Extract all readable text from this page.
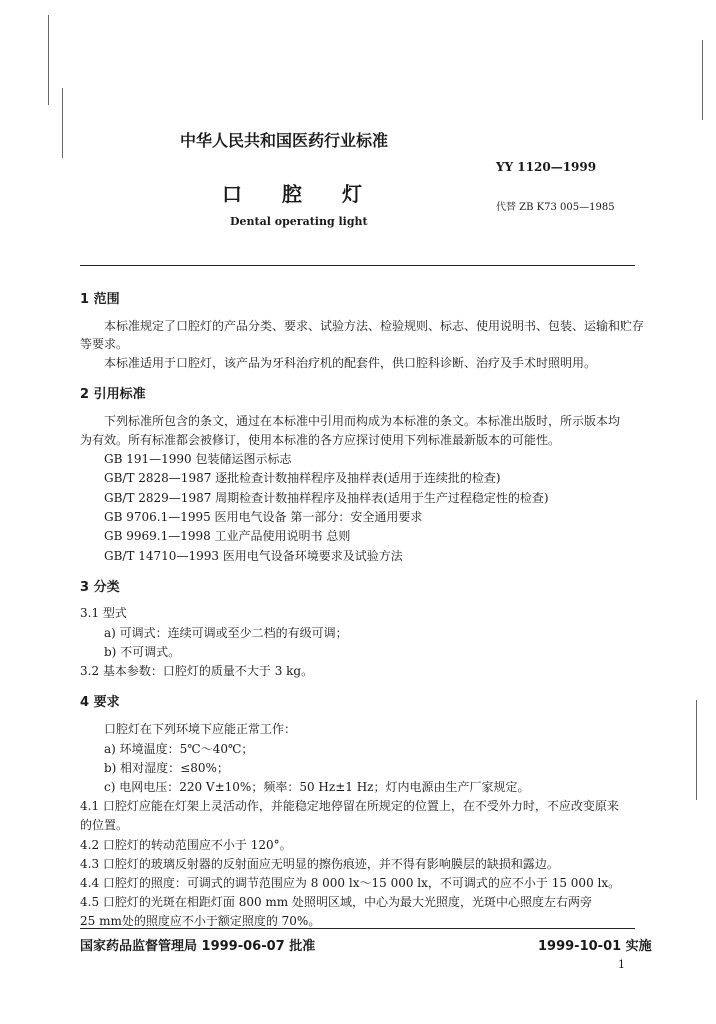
中华人民共和国医药行业标准
YY 1120—1999
口腔灯
代替 ZB K73 005—1985
Dental operating light
1 范围
本标准规定了口腔灯的产品分类、要求、试验方法、检验规则、标志、使用说明书、包装、运输和贮存
等要求。
本标准适用于口腔灯，该产品为牙科治疗机的配套件，供口腔科诊断、治疗及手术时照明用。
2 引用标准
下列标准所包含的条文，通过在本标准中引用而构成为本标准的条文。本标准出版时，所示版本均
为有效。所有标准都会被修订，使用本标准的各方应探讨使用下列标准最新版本的可能性。
GB 191—1990 包装储运图示标志
GB/T 2828—1987 逐批检查计数抽样程序及抽样表(适用于连续批的检查)
GB/T 2829—1987 周期检查计数抽样程序及抽样表(适用于生产过程稳定性的检查)
GB 9706.1—1995 医用电气设备 第一部分：安全通用要求
GB 9969.1—1998 工业产品使用说明书 总则
GB/T 14710—1993 医用电气设备环境要求及试验方法
3 分类
3.1 型式
a) 可调式：连续可调或至少二档的有级可调；
b) 不可调式。
3.2 基本参数：口腔灯的质量不大于 3 kg。
4 要求
口腔灯在下列环境下应能正常工作：
a) 环境温度：5℃～40℃；
b) 相对湿度：≤80%；
c) 电网电压：220 V±10%；频率：50 Hz±1 Hz；灯内电源由生产厂家规定。
4.1 口腔灯应能在灯架上灵活动作，并能稳定地停留在所规定的位置上，在不受外力时，不应改变原来
的位置。
4.2 口腔灯的转动范围应不小于 120°。
4.3 口腔灯的玻璃反射器的反射面应无明显的擦伤痕迹，并不得有影响膜层的缺损和露边。
4.4 口腔灯的照度：可调式的调节范围应为 8 000 lx～15 000 lx，不可调式的应不小于 15 000 lx。
4.5 口腔灯的光斑在相距灯面 800 mm 处照明区域，中心为最大光照度，光斑中心照度左右两旁
25 mm处的照度应不小于额定照度的 70%。
国家药品监督管理局 1999-06-07 批准	1999-10-01 实施
1
